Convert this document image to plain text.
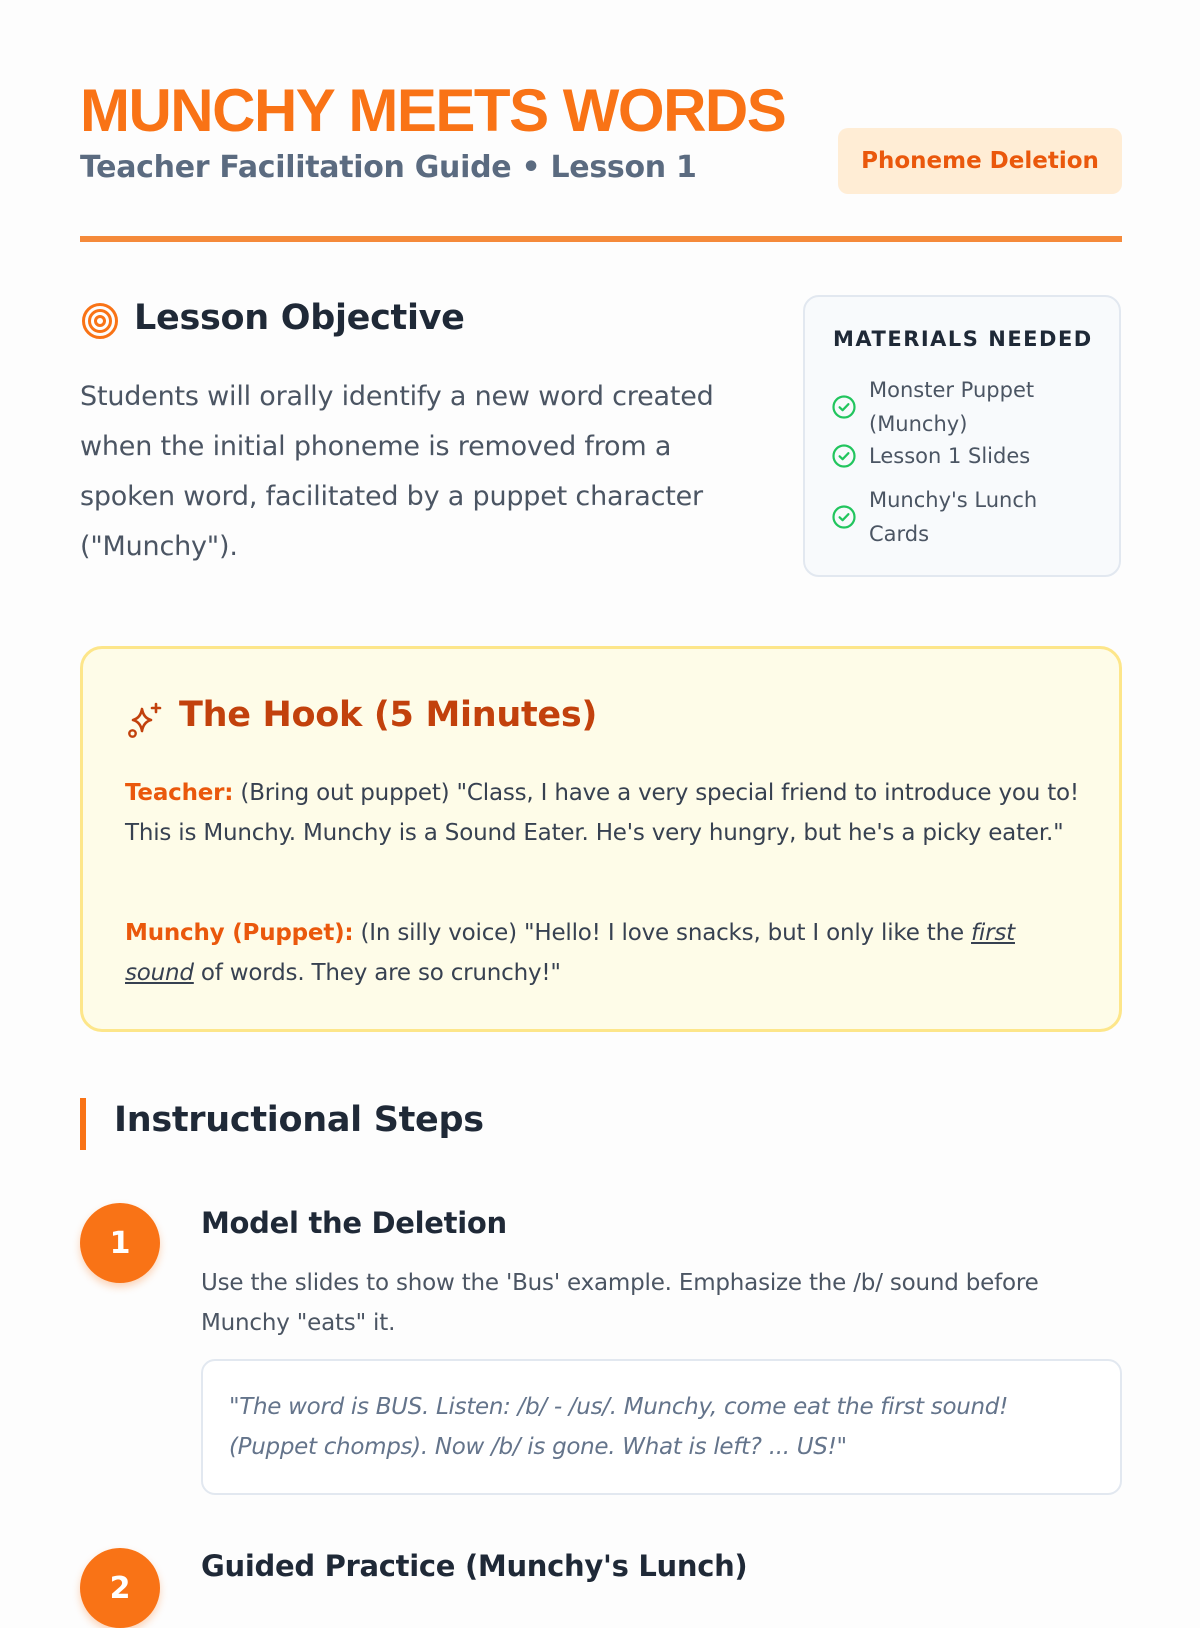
MUNCHY MEETS WORDS
Teacher Facilitation Guide • Lesson 1	Phoneme Deletion
Lesson Objective
Students will orally identify a new word created when the initial phoneme is removed from a spoken word, facilitated by a puppet character ("Munchy").
MATERIALS NEEDED
Monster Puppet (Munchy)
Lesson 1 Slides
Munchy's Lunch Cards
The Hook (5 Minutes)
Teacher: (Bring out puppet) "Class, I have a very special friend to introduce you to! This is Munchy. Munchy is a Sound Eater. He's very hungry, but he's a picky eater."
Munchy (Puppet): (In silly voice) "Hello! I love snacks, but I only like the first sound of words. They are so crunchy!"
Instructional Steps
1
Model the Deletion
Use the slides to show the 'Bus' example. Emphasize the /b/ sound before Munchy "eats" it.
"The word is BUS. Listen: /b/ - /us/. Munchy, come eat the first sound! (Puppet chomps). Now /b/ is gone. What is left? ... US!"
2
Guided Practice (Munchy's Lunch)
